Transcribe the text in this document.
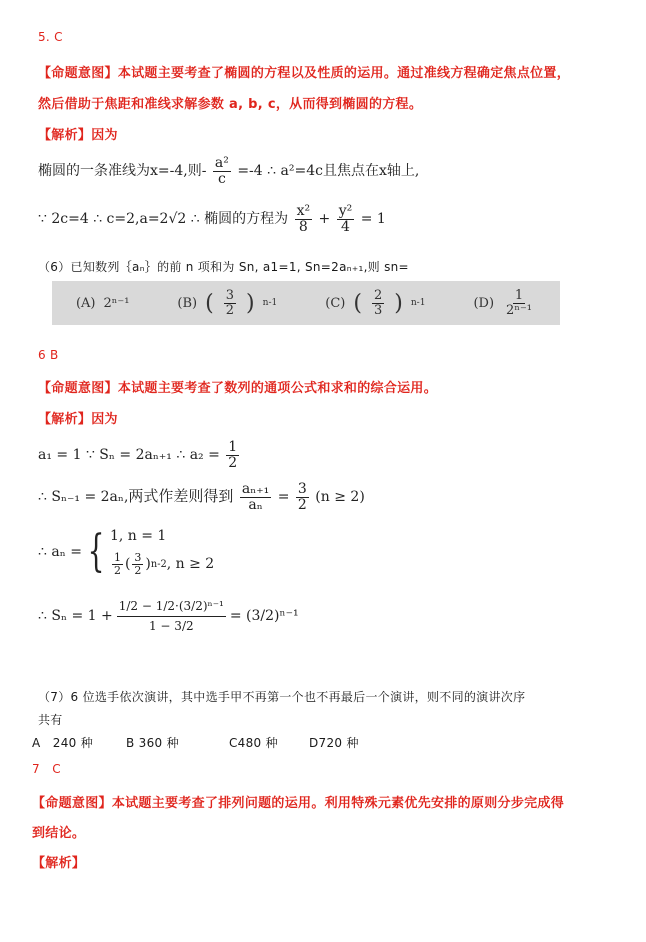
5. C
【命题意图】本试题主要考查了椭圆的方程以及性质的运用。通过准线方程确定焦点位置，
然后借助于焦距和准线求解参数 a, b, c，从而得到椭圆的方程。
【解析】因为
椭圆的一条准线为x=-4,则- $\frac{\text{a²}}{c} =-4$ ∴ a²=4c且焦点在x轴上,
∵ 2c=4 ∴ c=2,a=2√2 ∴ 椭圆的方程为 $\frac{\text{x²}}{8} + \frac{\text{y²}}{4} = 1$
（6）已知数列｛aₙ｝的前 n 项和为 Sn, a1=1, Sn=2aₙ₊₁,则 sn=
(A) 2ⁿ⁻¹	(B) ( $\frac{3}{2}$ ) n-1	(C) ( $\frac{2}{3}$ ) n-1	$(D) \frac{1}{\text{2ⁿ⁻¹}}$
6 B
【命题意图】本试题主要考查了数列的通项公式和求和的综合运用。
【解析】因为
a₁ = 1 ∵ Sₙ = 2aₙ₊₁ ∴ $a_2 = \frac{1}{2}$
∴ Sₙ₋₁ = 2aₙ,两式作差则得到 $\frac{\text{aₙ₊₁}}{\text{aₙ}} = \frac{3}{2} (n \ge 2)$
∴ aₙ = { 1, n = 1
$\frac{1}{2}$ ( $\frac{3}{2}$ ) n-2 , n ≥ 2
∴ $S_n = 1 + \frac{\text{1/2 − 1/2·(3/2)ⁿ⁻¹}}{1 - 3/2} = (3/2)^{n-1}$
（7）6 位选手依次演讲，其中选手甲不再第一个也不再最后一个演讲，则不同的演讲次序
共有
A　240 种	B 360 种	C480 种	D720 种
7　C
【命题意图】本试题主要考查了排列问题的运用。利用特殊元素优先安排的原则分步完成得
到结论。
【解析】
